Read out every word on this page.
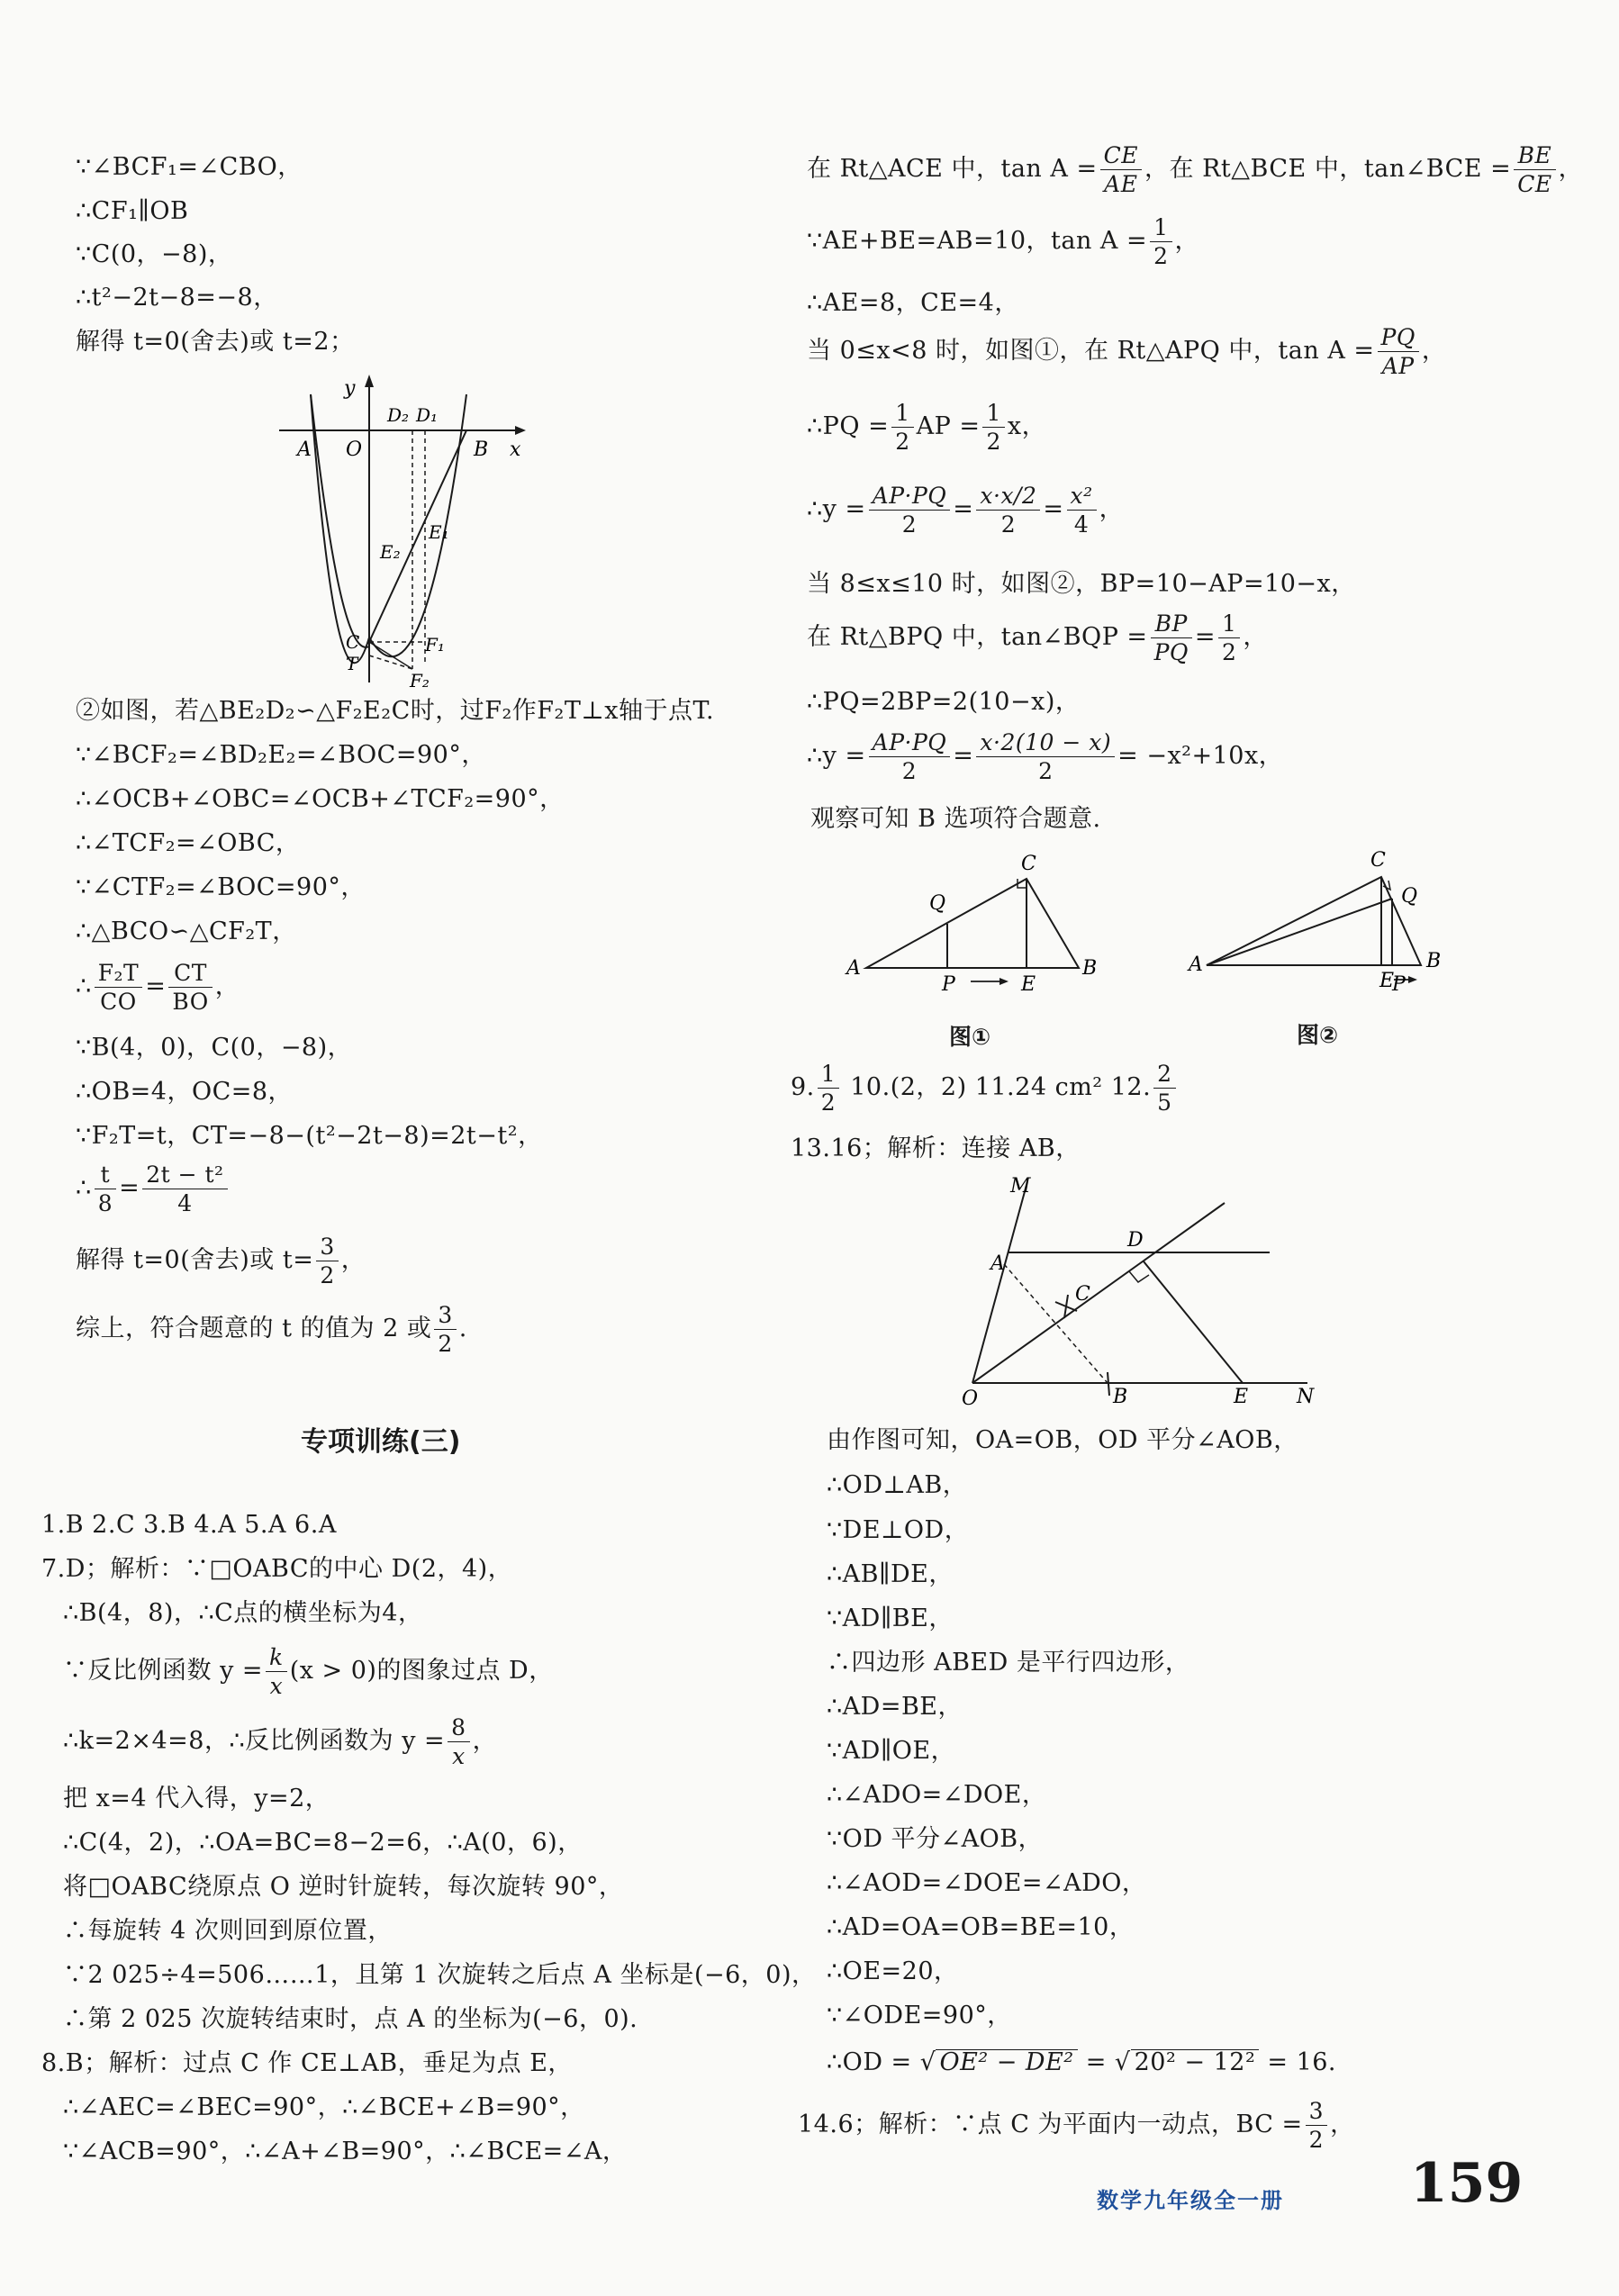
∵∠BCF₁=∠CBO，
∴CF₁∥OB
∵C(0，−8)，
∴t²−2t−8=−8，
解得 t=0(舍去)或 t=2；
y
x
A O	B
D₂ D₁
E₁
E₂
C
T
F₁
F₂
②如图，若△BE₂D₂∽△F₂E₂C时，过F₂作F₂T⊥x轴于点T.
∵∠BCF₂=∠BD₂E₂=∠BOC=90°，
∴∠OCB+∠OBC=∠OCB+∠TCF₂=90°，
∴∠TCF₂=∠OBC，
∵∠CTF₂=∠BOC=90°，
∴△BCO∽△CF₂T，
∴ $\frac{\text{F₂T}}{CO} = \frac{CT}{BO}$ ，
∵B(4，0)，C(0，−8)，
∴OB=4，OC=8，
∵F₂T=t，CT=−8−(t²−2t−8)=2t−t²，
∴ $\frac{t}{8} = \frac{\text{2t − t²}}{4}$
解得 t=0(舍去)或 $t= \frac{3}{2}$ ，
综上，符合题意的 t 的值为 2 或 $\frac{3}{2}$ .
专项训练(三)
1.B 2.C 3.B 4.A 5.A 6.A
7.D；解析：∵□OABC的中心 D(2，4)，
∴B(4，8)，∴C点的横坐标为4，
∵反比例函数 $y = \frac{k}{x} (x > 0)$的图象过点 D，
∴k=2×4=8，∴反比例函数为 $y = \frac{8}{x}$ ，
把 x=4 代入得，y=2，
∴C(4，2)，∴OA=BC=8−2=6，∴A(0，6)，
将□OABC绕原点 O 逆时针旋转，每次旋转 90°，
∴每旋转 4 次则回到原位置，
∵2 025÷4=506……1，且第 1 次旋转之后点 A 坐标是(−6，0)，
∴第 2 025 次旋转结束时，点 A 的坐标为(−6，0).
8.B；解析：过点 C 作 CE⊥AB，垂足为点 E，
∴∠AEC=∠BEC=90°，∴∠BCE+∠B=90°，
∵∠ACB=90°，∴∠A+∠B=90°，∴∠BCE=∠A，
在 Rt△ACE 中，$\tan A = \frac{CE}{AE}$ ，在 Rt△BCE 中，tan∠BCE = $\frac{BE}{CE}$ ，
∵AE+BE=AB=10，$\tan A = \frac{1}{2}$ ，
∴AE=8，CE=4，
当 0≤x<8 时，如图①，在 Rt△APQ 中，$\tan A = \frac{PQ}{AP}$ ，
∴PQ = $\frac{1}{2}$ AP = $\frac{1}{2}$ x，
∴y = $\frac{AP\cdot PQ}{2} = \frac{x\cdot x/2}{2} = \frac{\text{x²}}{4}$ ，
当 8≤x≤10 时，如图②，BP=10−AP=10−x，
在 Rt△BPQ 中，tan∠BQP = $\frac{BP}{PQ} = \frac{1}{2}$ ，
∴PQ=2BP=2(10−x)，
∴y = $\frac{AP\cdot PQ}{2} = \frac{x\cdot 2(10 - x)}{2} = -x^2+10x$，
观察可知 B 选项符合题意.
A	B
C
Q
P	E
图①
A	B
C
Q
E
P
图②
9. $\frac{1}{2} 10.(2$，2) 11.24 cm² 12. $\frac{2}{5}$
13.16；解析：连接 AB，
M
A
D
C
O	B	E N
由作图可知，OA=OB，OD 平分∠AOB，
∴OD⊥AB，
∵DE⊥OD，
∴AB∥DE，
∵AD∥BE，
∴四边形 ABED 是平行四边形，
∴AD=BE，
∵AD∥OE，
∴∠ADO=∠DOE，
∵OD 平分∠AOB，
∴∠AOD=∠DOE=∠ADO，
∴AD=OA=OB=BE=10，
∴OE=20，
∵∠ODE=90°，
∴OD = √ OE² − DE² = √ 20² − 12² = 16.
14.6；解析：∵点 C 为平面内一动点，BC = $\frac{3}{2}$ ，
数学九年级全一册 159
